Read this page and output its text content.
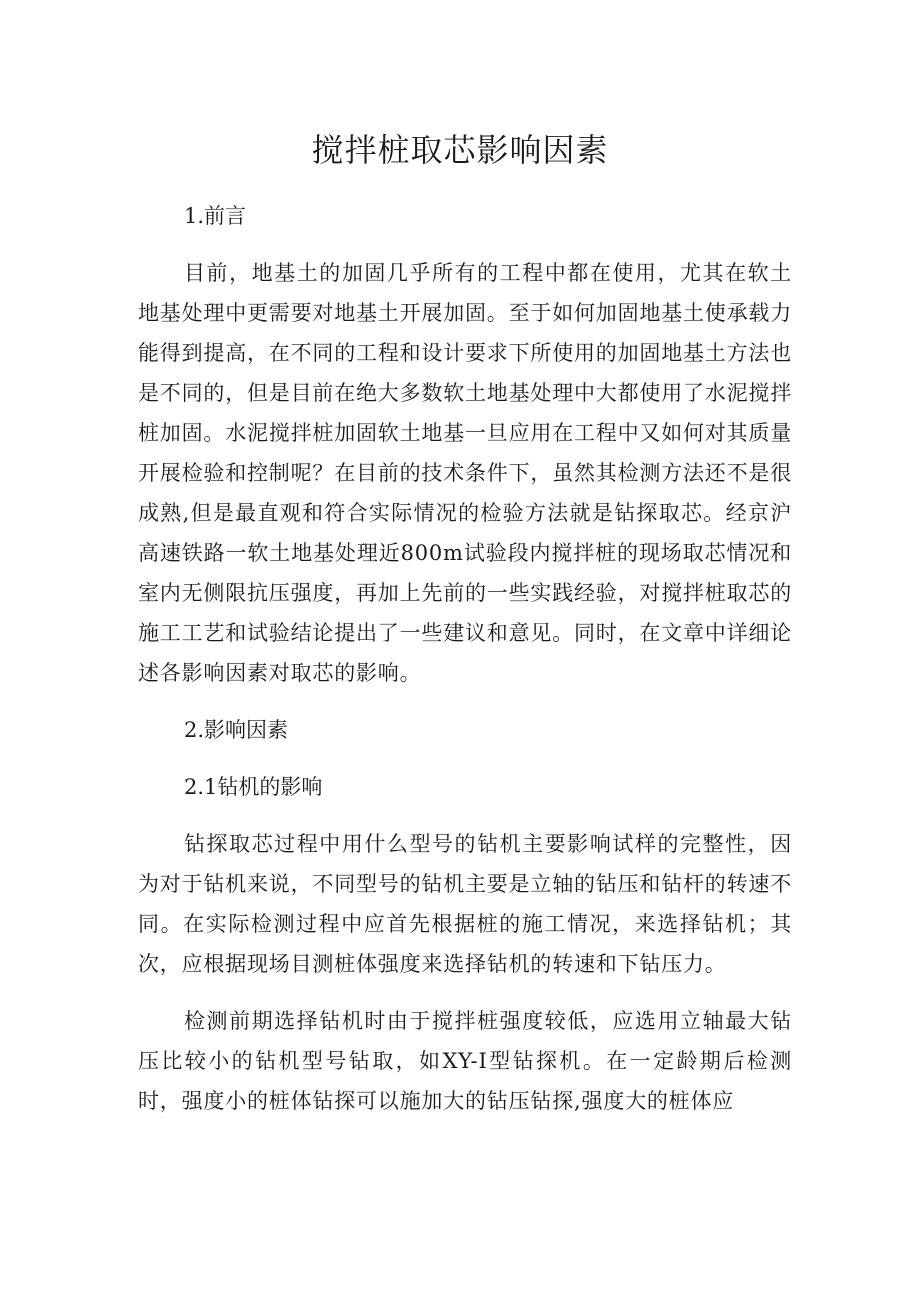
搅拌桩取芯影响因素

1.前言

目前，地基土的加固几乎所有的工程中都在使用，尤其在软土地基处理中更需要对地基土开展加固。至于如何加固地基土使承载力能得到提高，在不同的工程和设计要求下所使用的加固地基土方法也是不同的，但是目前在绝大多数软土地基处理中大都使用了水泥搅拌桩加固。水泥搅拌桩加固软土地基一旦应用在工程中又如何对其质量开展检验和控制呢？在目前的技术条件下，虽然其检测方法还不是很成熟,但是最直观和符合实际情况的检验方法就是钻探取芯。经京沪高速铁路一软土地基处理近800m试验段内搅拌桩的现场取芯情况和室内无侧限抗压强度，再加上先前的一些实践经验，对搅拌桩取芯的施工工艺和试验结论提出了一些建议和意见。同时，在文章中详细论述各影响因素对取芯的影响。

2.影响因素

2.1钻机的影响

钻探取芯过程中用什么型号的钻机主要影响试样的完整性，因为对于钻机来说，不同型号的钻机主要是立轴的钻压和钻杆的转速不同。在实际检测过程中应首先根据桩的施工情况，来选择钻机；其次，应根据现场目测桩体强度来选择钻机的转速和下钻压力。

检测前期选择钻机时由于搅拌桩强度较低，应选用立轴最大钻压比较小的钻机型号钻取，如XY-I型钻探机。在一定龄期后检测时，强度小的桩体钻探可以施加大的钻压钻探,强度大的桩体应
